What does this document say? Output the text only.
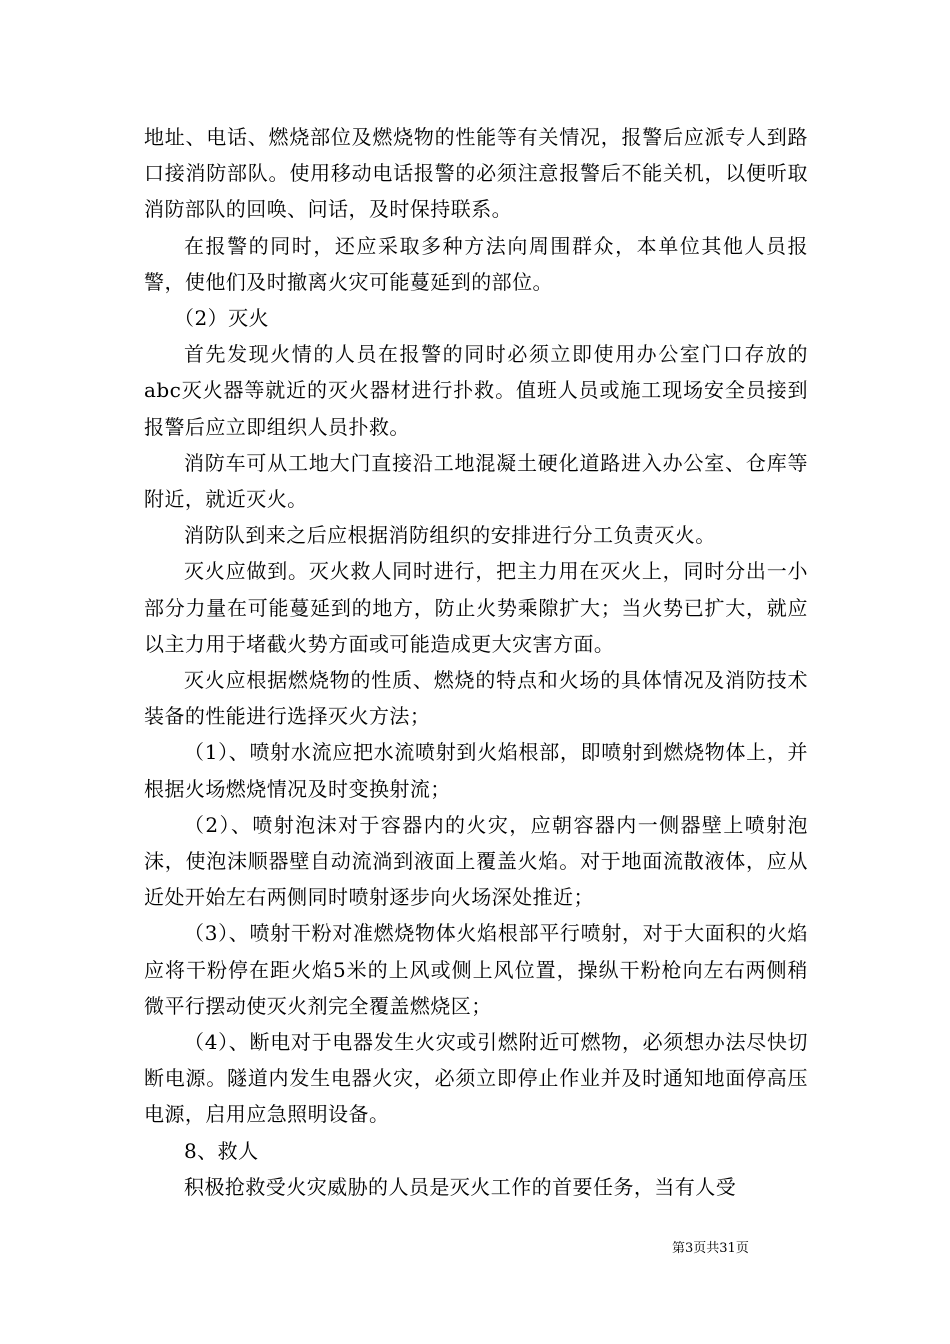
地址、电话、燃烧部位及燃烧物的性能等有关情况，报警后应派专人到路口接消防部队。使用移动电话报警的必须注意报警后不能关机，以便听取消防部队的回唤、问话，及时保持联系。

在报警的同时，还应采取多种方法向周围群众，本单位其他人员报警，使他们及时撤离火灾可能蔓延到的部位。

（2）灭火

首先发现火情的人员在报警的同时必须立即使用办公室门口存放的abc灭火器等就近的灭火器材进行扑救。值班人员或施工现场安全员接到报警后应立即组织人员扑救。

消防车可从工地大门直接沿工地混凝土硬化道路进入办公室、仓库等附近，就近灭火。

消防队到来之后应根据消防组织的安排进行分工负责灭火。

灭火应做到。灭火救人同时进行，把主力用在灭火上，同时分出一小部分力量在可能蔓延到的地方，防止火势乘隙扩大；当火势已扩大，就应以主力用于堵截火势方面或可能造成更大灾害方面。

灭火应根据燃烧物的性质、燃烧的特点和火场的具体情况及消防技术装备的性能进行选择灭火方法；

（1）、喷射水流应把水流喷射到火焰根部，即喷射到燃烧物体上，并根据火场燃烧情况及时变换射流；

（2）、喷射泡沫对于容器内的火灾，应朝容器内一侧器壁上喷射泡沫，使泡沫顺器壁自动流淌到液面上覆盖火焰。对于地面流散液体，应从近处开始左右两侧同时喷射逐步向火场深处推近；

（3）、喷射干粉对准燃烧物体火焰根部平行喷射，对于大面积的火焰应将干粉停在距火焰5米的上风或侧上风位置，操纵干粉枪向左右两侧稍微平行摆动使灭火剂完全覆盖燃烧区；

（4）、断电对于电器发生火灾或引燃附近可燃物，必须想办法尽快切断电源。隧道内发生电器火灾，必须立即停止作业并及时通知地面停高压电源，启用应急照明设备。

8、救人

积极抢救受火灾威胁的人员是灭火工作的首要任务，当有人受

第3页共31页
